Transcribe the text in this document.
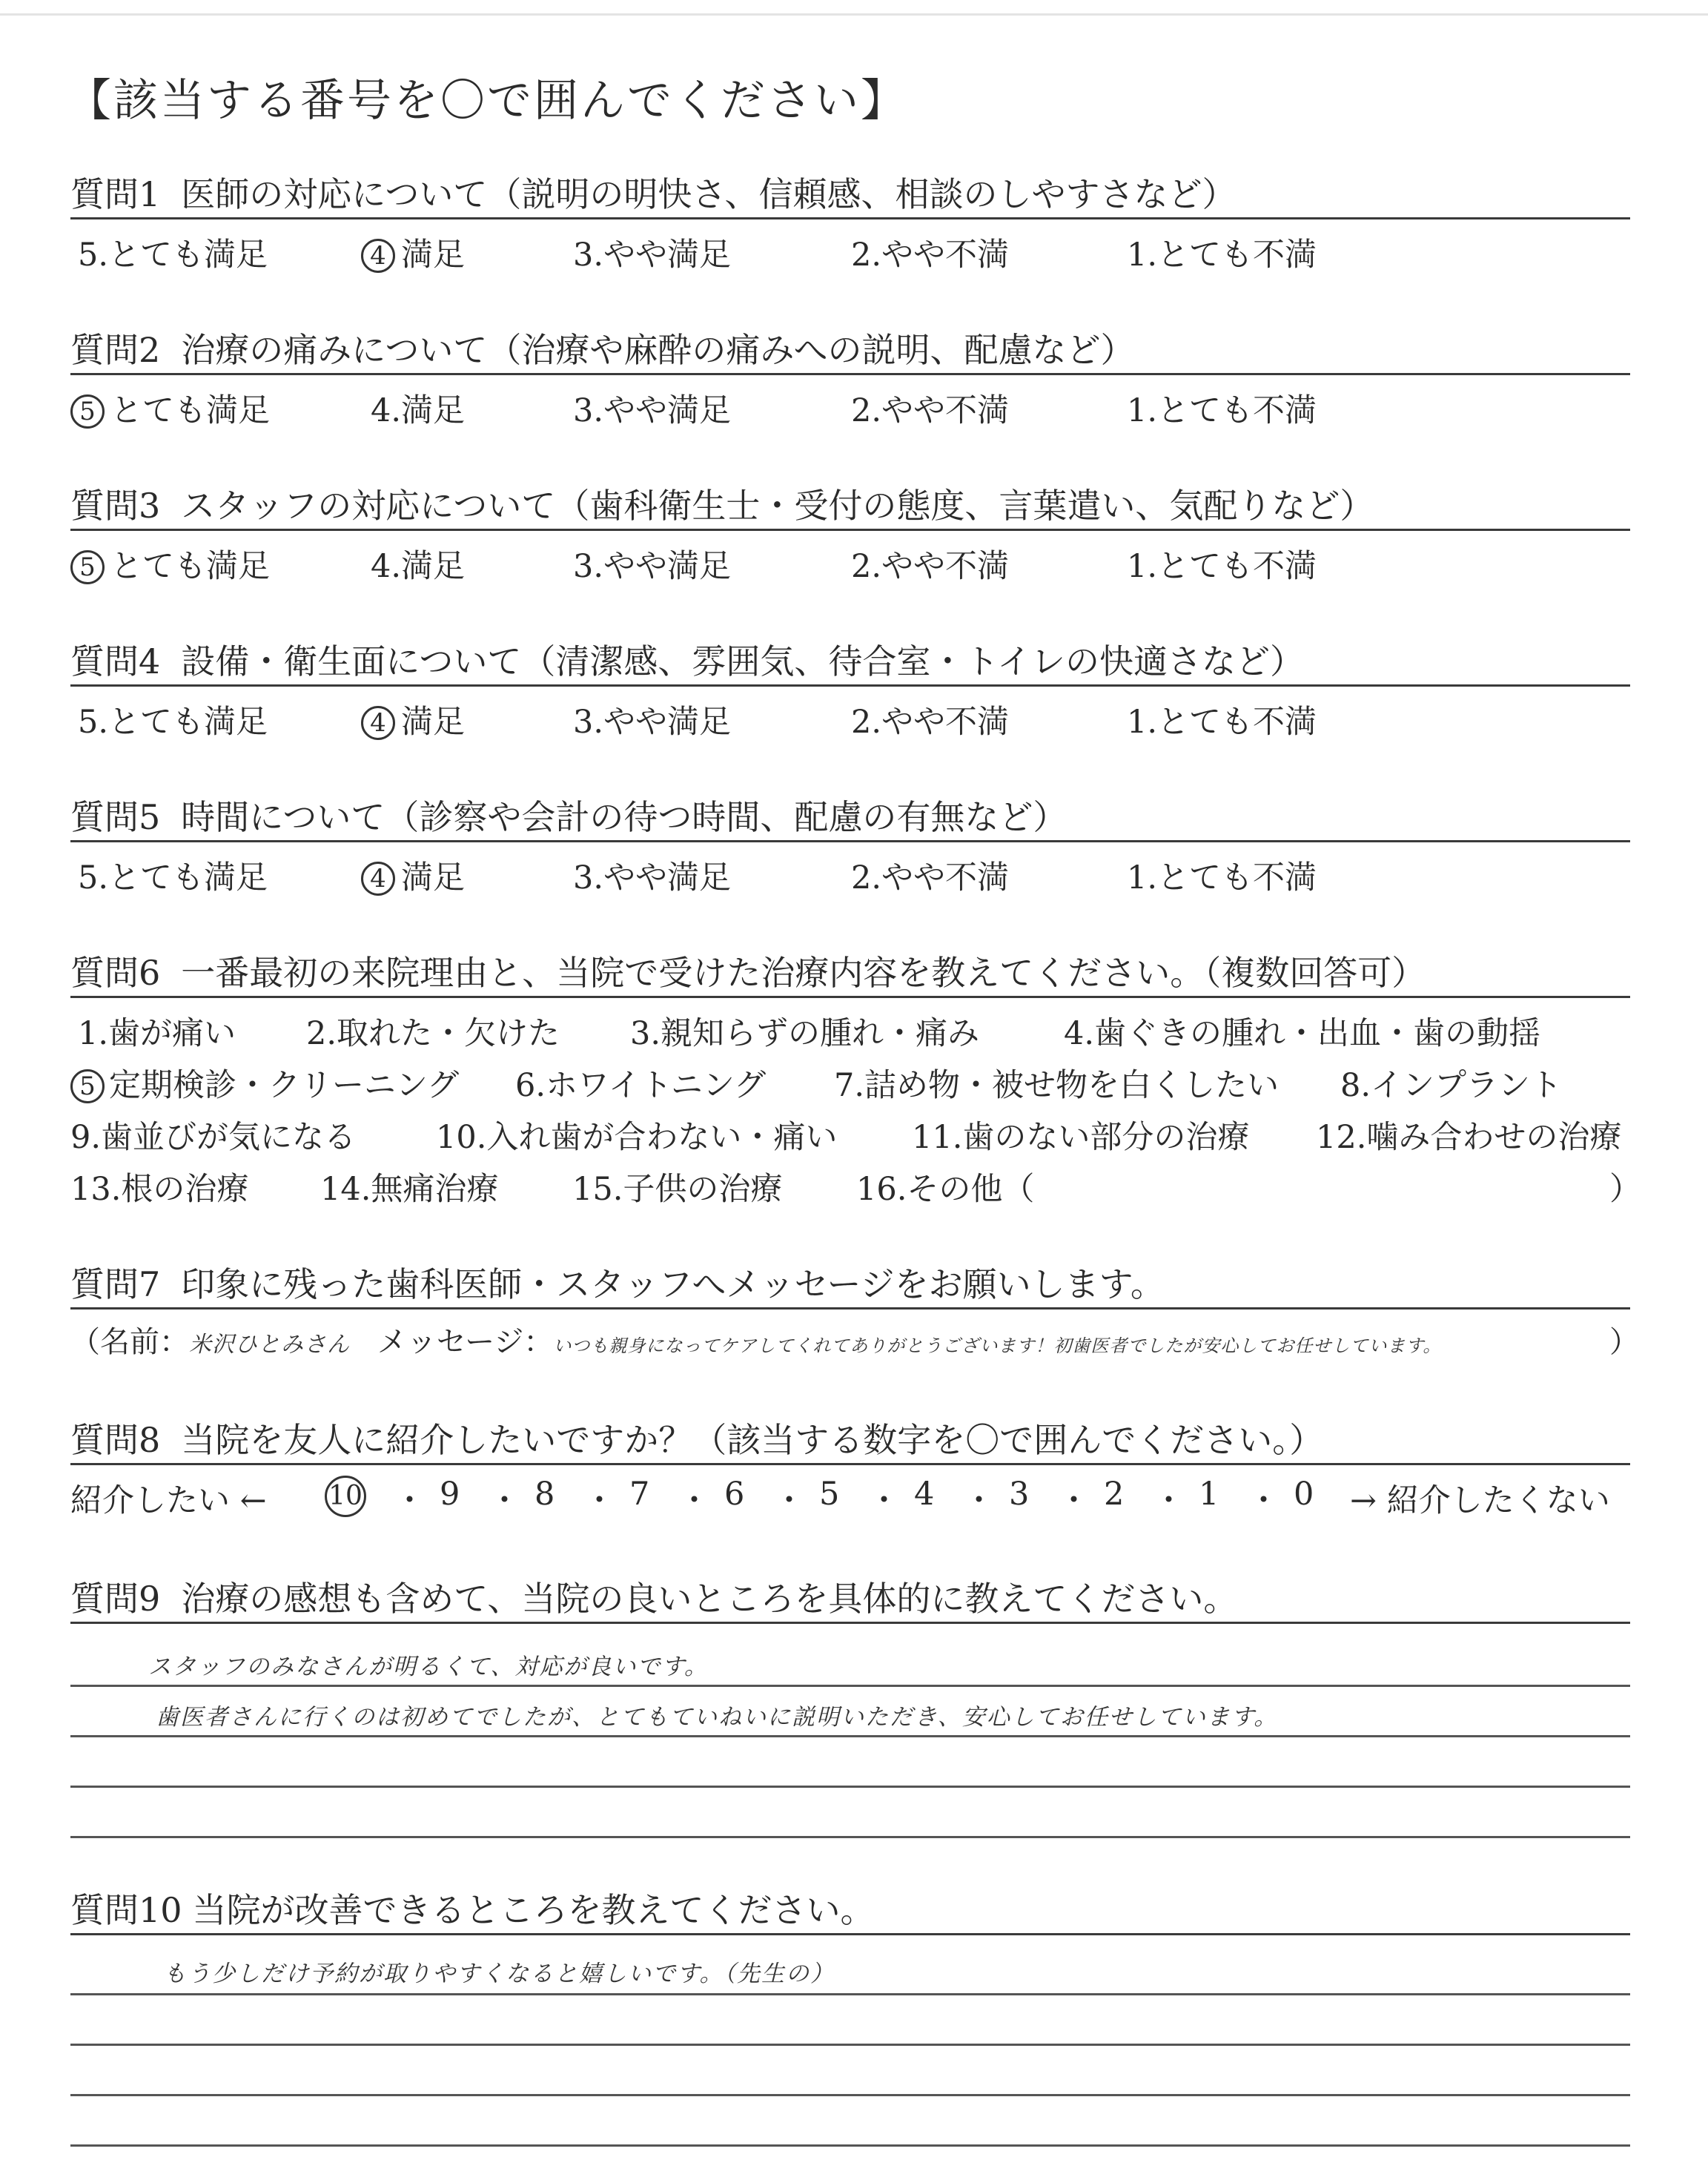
【該当する番号を〇で囲んでください】
質問1 医師の対応について（説明の明快さ、信頼感、相談のしやすさなど）
5.とても満足	4 満足	3.やや満足	2.やや不満	1.とても不満
質問2 治療の痛みについて（治療や麻酔の痛みへの説明、配慮など）
5 とても満足	4.満足	3.やや満足	2.やや不満	1.とても不満
質問3 スタッフの対応について（歯科衛生士・受付の態度、言葉遣い、気配りなど）
5 とても満足	4.満足	3.やや満足	2.やや不満	1.とても不満
質問4 設備・衛生面について（清潔感、雰囲気、待合室・トイレの快適さなど）
5.とても満足	4 満足	3.やや満足	2.やや不満	1.とても不満
質問5 時間について（診察や会計の待つ時間、配慮の有無など）
5.とても満足	4 満足	3.やや満足	2.やや不満	1.とても不満
質問6 一番最初の来院理由と、当院で受けた治療内容を教えてください。（複数回答可）
1.歯が痛い 2.取れた・欠けた 3.親知らずの腫れ・痛み	4.歯ぐきの腫れ・出血・歯の動揺
5 定期検診・クリーニング 6.ホワイトニング 7.詰め物・被せ物を白くしたい 8.インプラント
9.歯並びが気になる	10.入れ歯が合わない・痛い 11.歯のない部分の治療 12.噛み合わせの治療
13.根の治療 14.無痛治療 15.子供の治療 16.その他（	）
質問7 印象に残った歯科医師・スタッフへメッセージをお願いします。
（名前：米沢ひとみさん メッセージ：いつも親身になってケアしてくれてありがとうございます！初歯医者でしたが安心してお任せしています。	）
質問8 当院を友人に紹介したいですか？（該当する数字を〇で囲んでください。）
紹介したい ← 10 ・ 9 ・ 8 ・ 7 ・ 6 ・ 5 ・ 4 ・ 3 ・ 2 ・ 1 ・ 0 → 紹介したくない
質問9 治療の感想も含めて、当院の良いところを具体的に教えてください。
スタッフのみなさんが明るくて、対応が良いです。
歯医者さんに行くのは初めてでしたが、とてもていねいに説明いただき、安心してお任せしています。
質問10 当院が改善できるところを教えてください。
もう少しだけ予約が取りやすくなると嬉しいです。（先生の）
